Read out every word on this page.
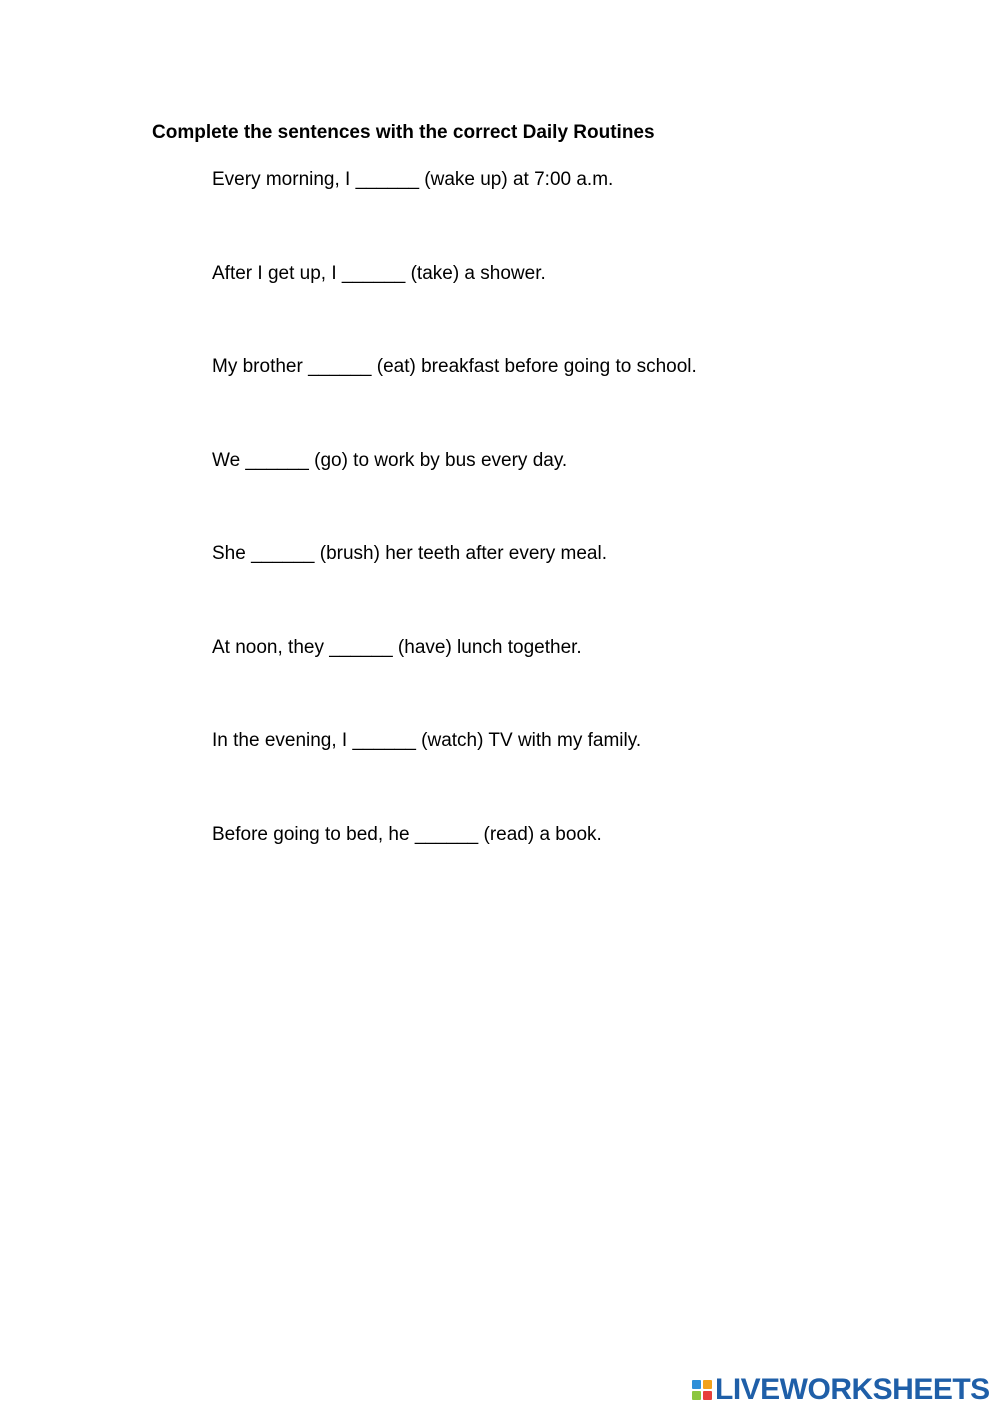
Complete the sentences with the correct Daily Routines
Every morning, I ______ (wake up) at 7:00 a.m.
After I get up, I ______ (take) a shower.
My brother ______ (eat) breakfast before going to school.
We ______ (go) to work by bus every day.
She ______ (brush) her teeth after every meal.
At noon, they ______ (have) lunch together.
In the evening, I ______ (watch) TV with my family.
Before going to bed, he ______ (read) a book.
LIVEWORKSHEETS
